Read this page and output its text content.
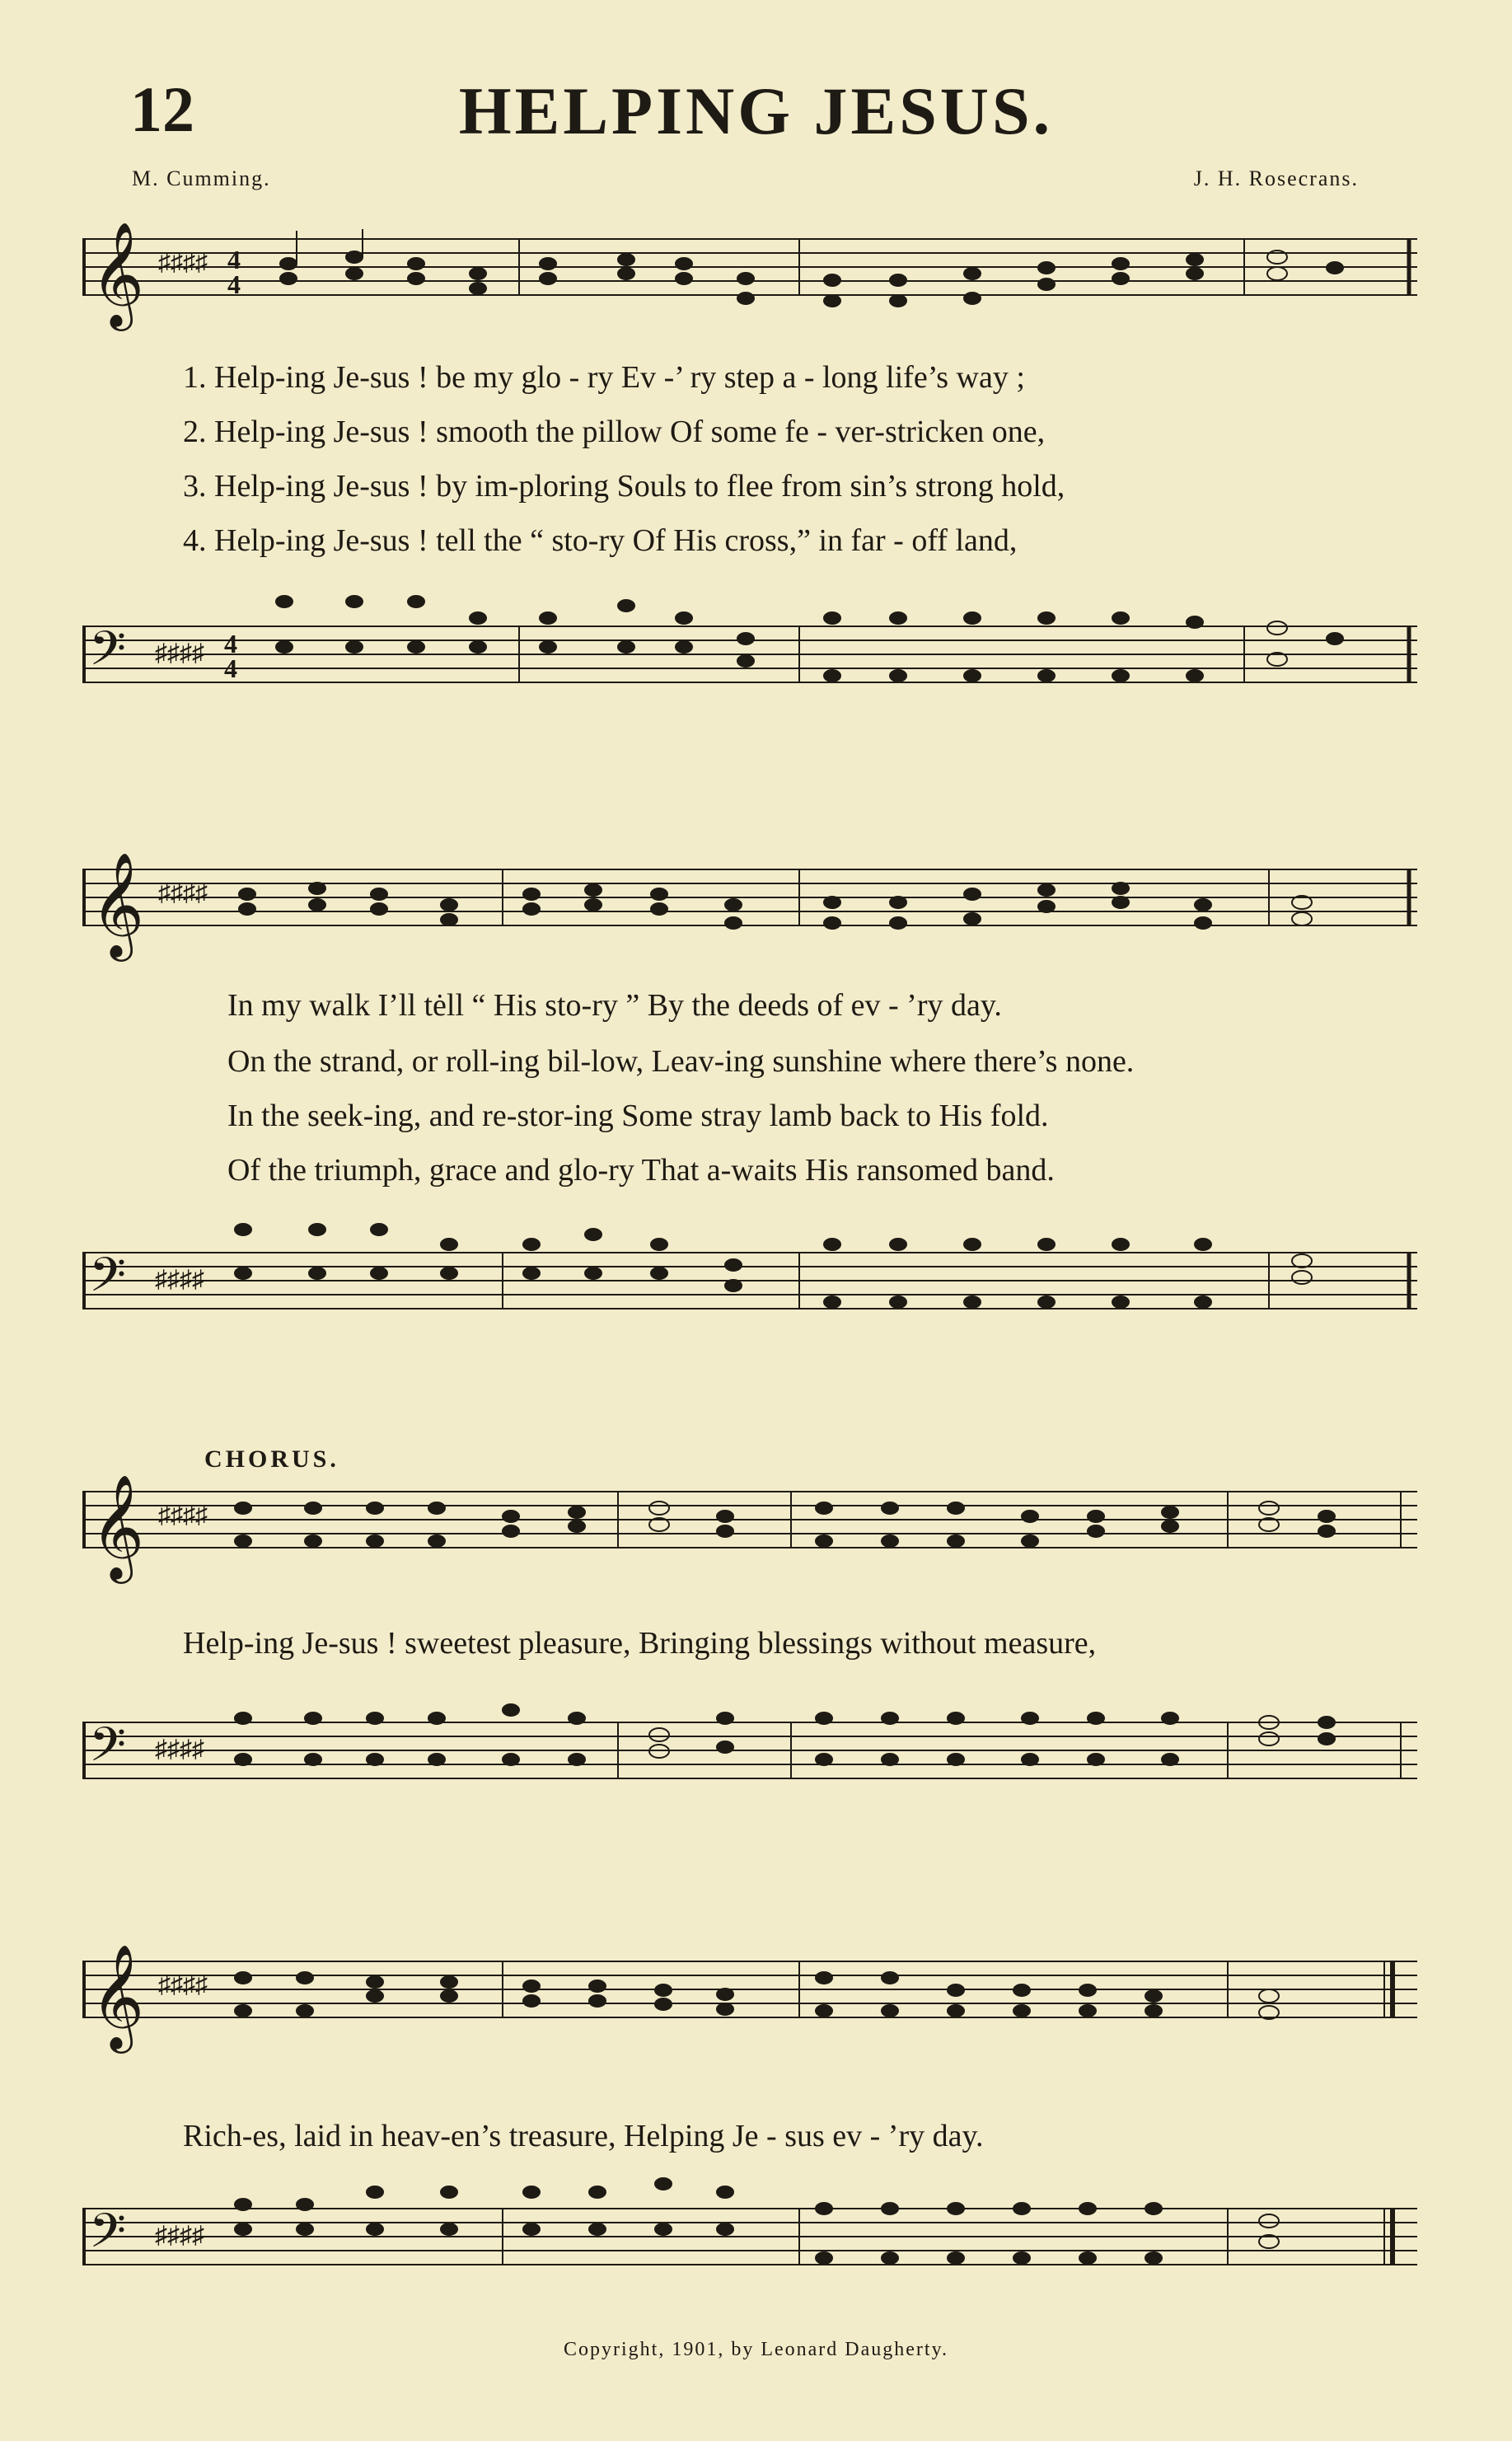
12	HELPING JESUS.
M. Cumming.	J. H. Rosecrans.
𝄞 ♯♯♯♯ 4
4
1. Help-ing Je-sus ! be my glo - ry Ev -’ ry step a - long life’s way ;
2. Help-ing Je-sus ! smooth the pillow Of some fe - ver-stricken one,
3. Help-ing Je-sus ! by im-ploring Souls to flee from sin’s strong hold,
4. Help-ing Je-sus ! tell the “ sto-ry Of His cross,” in far - off land,
𝄢 ♯♯♯♯ 4
4
𝄞 ♯♯♯♯
In my walk I’ll tėll “ His sto-ry ” By the deeds of ev - ’ry day.
On the strand, or roll-ing bil-low, Leav-ing sunshine where there’s none.
In the seek-ing, and re-stor-ing Some stray lamb back to His fold.
Of the triumph, grace and glo-ry That a-waits His ransomed band.
𝄢 ♯♯♯♯
CHORUS.
𝄞 ♯♯♯♯
Help-ing Je-sus ! sweetest pleasure, Bringing blessings without measure,
𝄢 ♯♯♯♯
𝄞 ♯♯♯♯
Rich-es, laid in heav-en’s treasure, Helping Je - sus ev - ’ry day.
𝄢 ♯♯♯♯
Copyright, 1901, by Leonard Daugherty.
